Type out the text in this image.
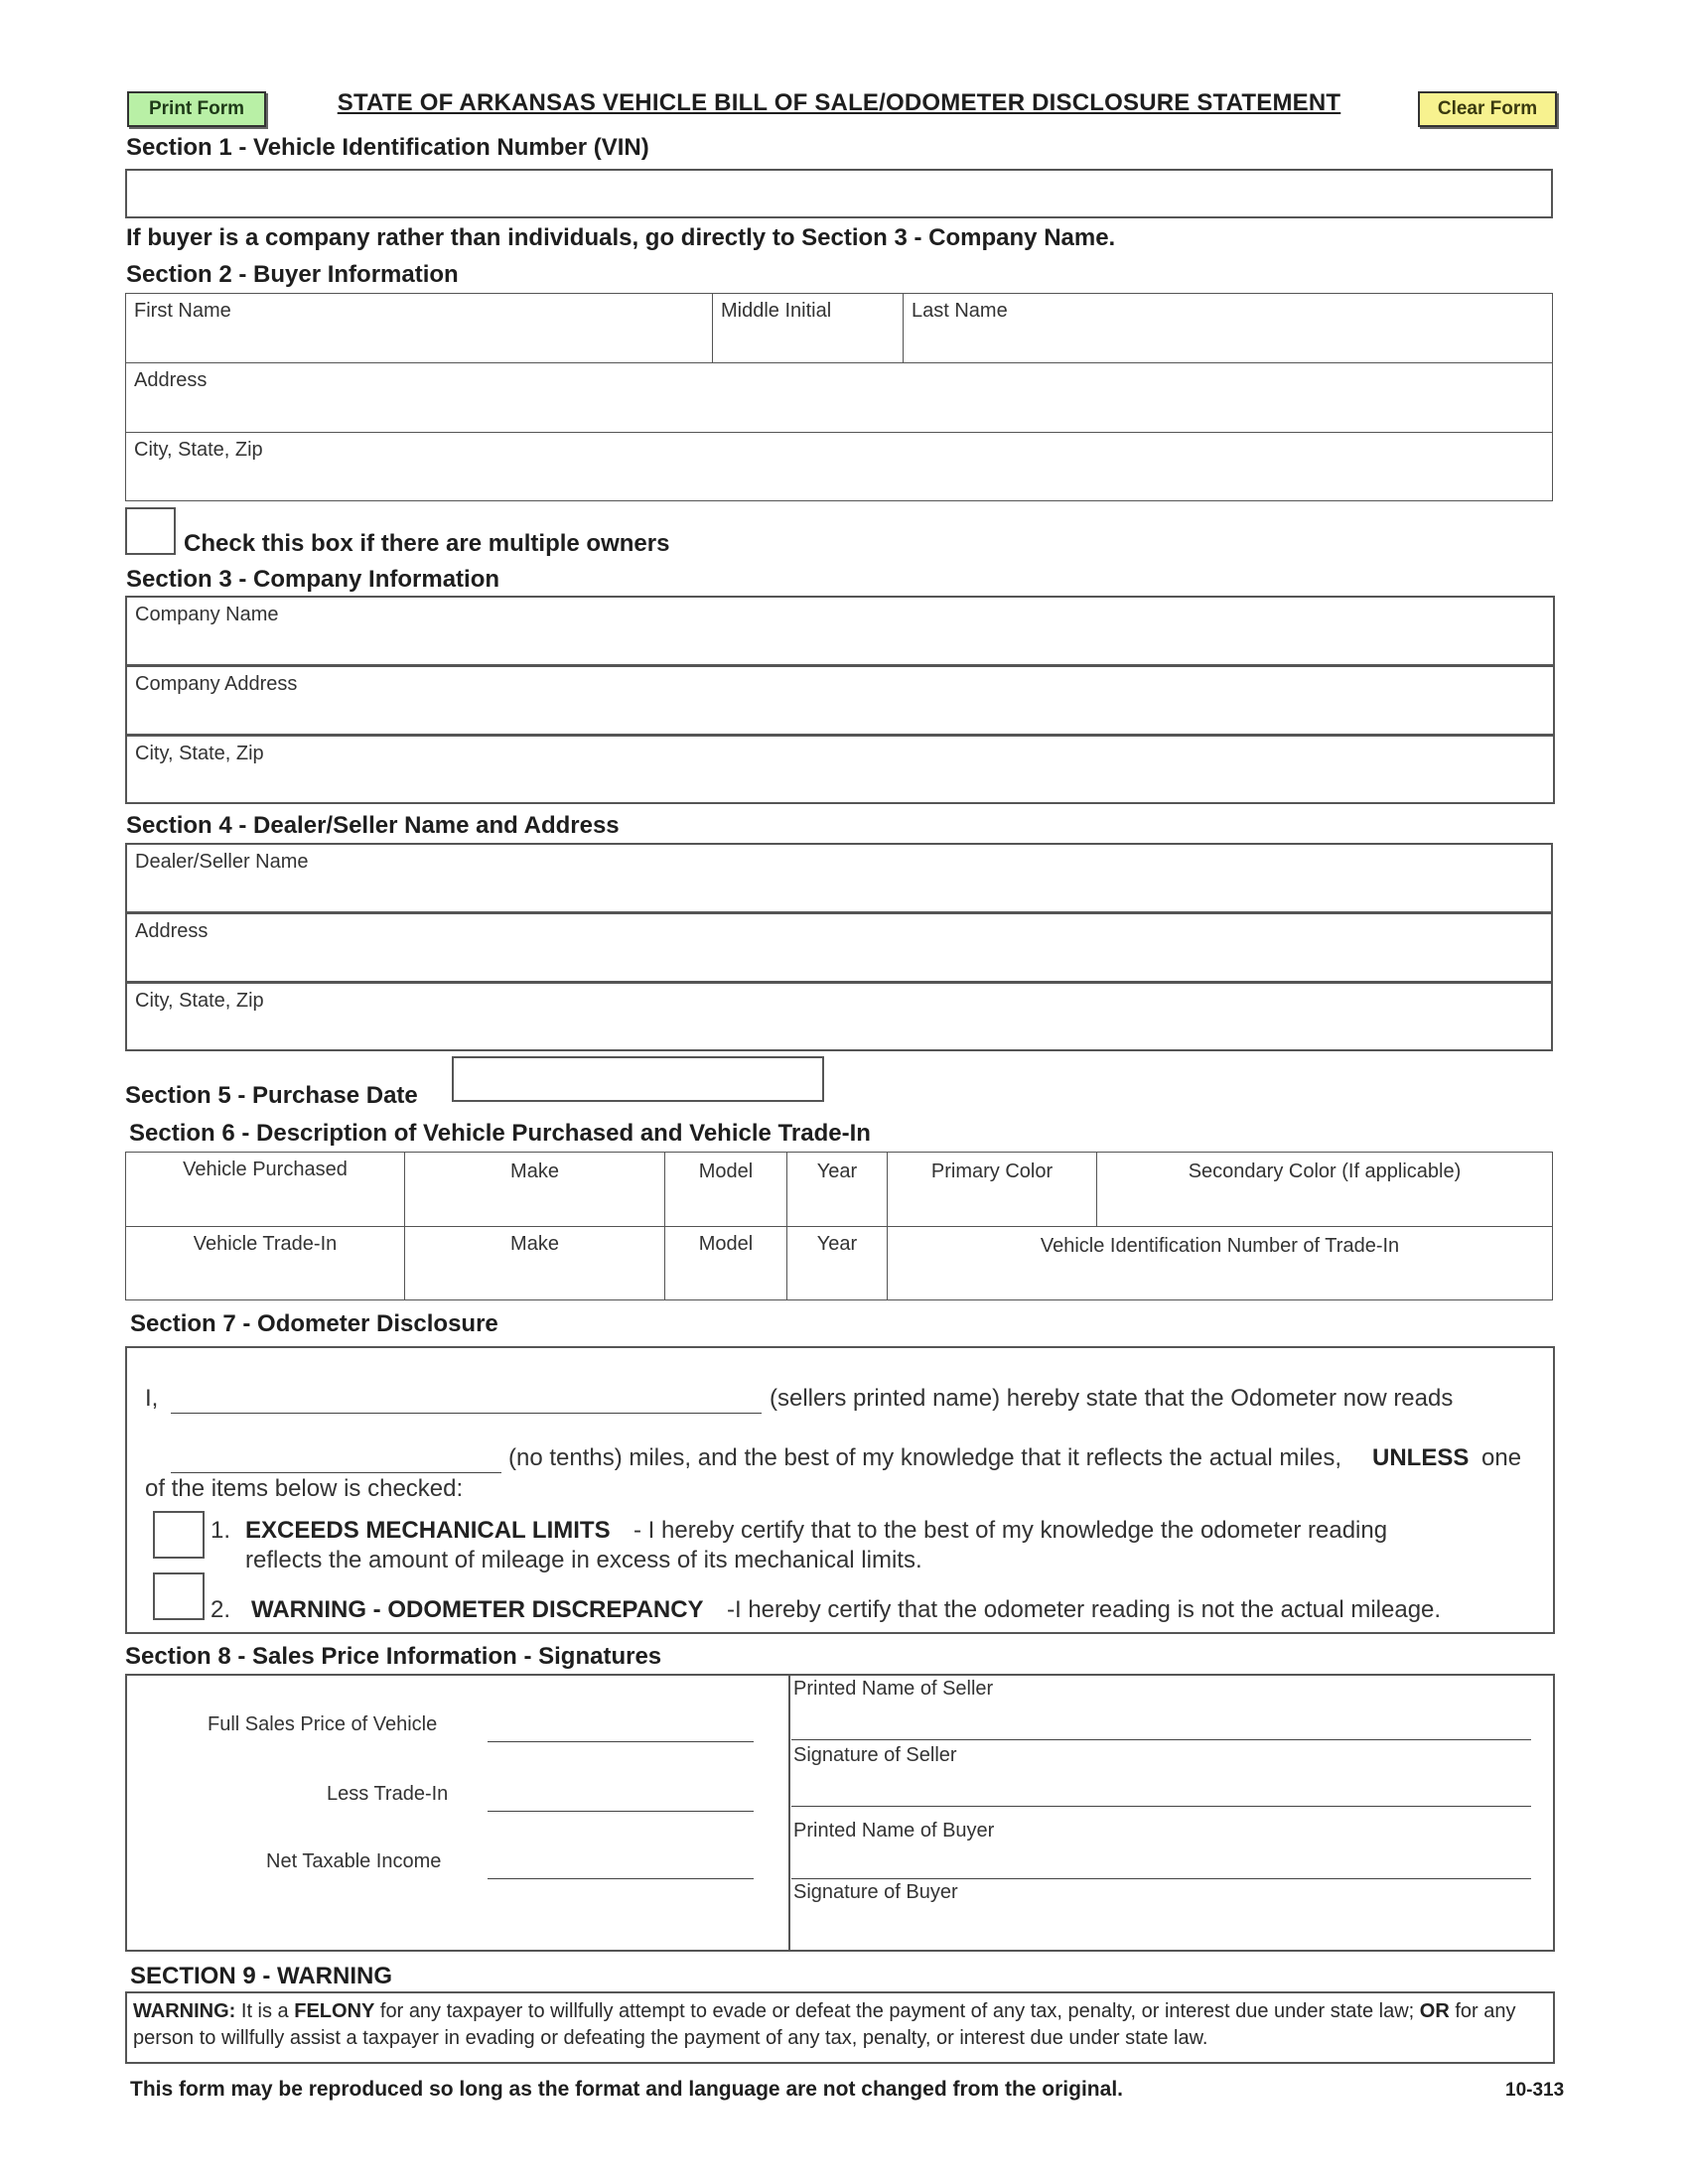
Print Form	STATE OF ARKANSAS VEHICLE BILL OF SALE/ODOMETER DISCLOSURE STATEMENT	Clear Form
Section 1 - Vehicle Identification Number (VIN)
If buyer is a company rather than individuals, go directly to Section 3 - Company Name.
Section 2 - Buyer Information
First Name	Middle Initial	Last Name
Address
City, State, Zip
Check this box if there are multiple owners
Section 3 - Company Information
Company Name
Company Address
City, State, Zip
Section 4 - Dealer/Seller Name and Address
Dealer/Seller Name
Address
City, State, Zip
Section 5 - Purchase Date
Section 6 - Description of Vehicle Purchased and Vehicle Trade-In
Vehicle Purchased	Make	Model	Year	Primary Color	Secondary Color (If applicable)
Vehicle Trade-In	Make	Model	Year	Vehicle Identification Number of Trade-In
Section 7 - Odometer Disclosure
I,	(sellers printed name) hereby state that the Odometer now reads
(no tenths) miles, and the best of my knowledge that it reflects the actual miles, UNLESS one
of the items below is checked:
1. EXCEEDS MECHANICAL LIMITS - I hereby certify that to the best of my knowledge the odometer reading
reflects the amount of mileage in excess of its mechanical limits.
2. WARNING - ODOMETER DISCREPANCY -I hereby certify that the odometer reading is not the actual mileage.
Section 8 - Sales Price Information - Signatures
Full Sales Price of Vehicle
Less Trade-In
Net Taxable Income
Printed Name of Seller
Signature of Seller
Printed Name of Buyer
Signature of Buyer
SECTION 9 - WARNING
WARNING: It is a FELONY for any taxpayer to willfully attempt to evade or defeat the payment of any tax, penalty, or interest due under state law; OR for any person to willfully assist a taxpayer in evading or defeating the payment of any tax, penalty, or interest due under state law.
This form may be reproduced so long as the format and language are not changed from the original.	10-313
